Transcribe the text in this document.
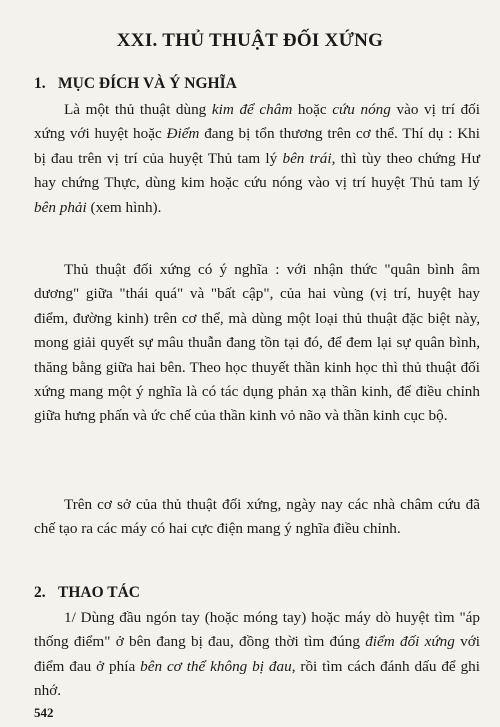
XXI. THỦ THUẬT ĐỐI XỨNG
1. MỤC ĐÍCH VÀ Ý NGHĨA

Là một thủ thuật dùng kim để châm hoặc cứu nóng vào vị trí đối xứng với huyệt hoặc Điểm đang bị tổn thương trên cơ thể. Thí dụ : Khi bị đau trên vị trí của huyệt Thủ tam lý bên trái, thì tùy theo chứng Hư hay chứng Thực, dùng kim hoặc cứu nóng vào vị trí huyệt Thủ tam lý bên phải (xem hình).

Thủ thuật đối xứng có ý nghĩa : với nhận thức "quân bình âm dương" giữa "thái quá" và "bất cập", của hai vùng (vị trí, huyệt hay điểm, đường kinh) trên cơ thể, mà dùng một loại thủ thuật đặc biệt này, mong giải quyết sự mâu thuẫn đang tồn tại đó, để đem lại sự quân bình, thăng bằng giữa hai bên. Theo học thuyết thần kinh học thì thủ thuật đối xứng mang một ý nghĩa là có tác dụng phản xạ thần kinh, để điều chỉnh giữa hưng phấn và ức chế của thần kinh vỏ não và thần kinh cục bộ.

Trên cơ sở của thủ thuật đối xứng, ngày nay các nhà châm cứu đã chế tạo ra các máy có hai cực điện mang ý nghĩa điều chỉnh.

2. THAO TÁC

1/ Dùng đầu ngón tay (hoặc móng tay) hoặc máy dò huyệt tìm "áp thống điểm" ở bên đang bị đau, đồng thời tìm đúng điểm đối xứng với điểm đau ở phía bên cơ thể không bị đau, rồi tìm cách đánh dấu để ghi nhớ.

542
